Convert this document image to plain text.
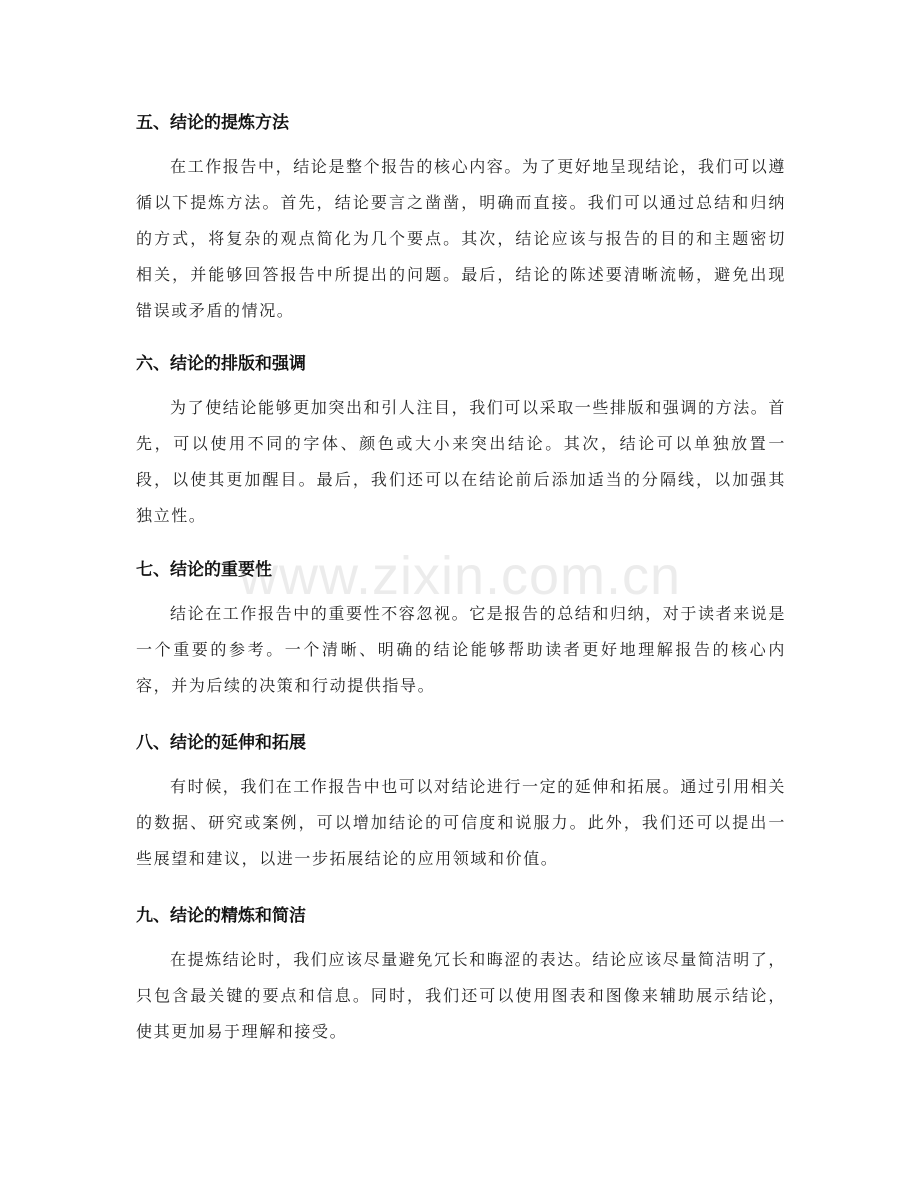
五、结论的提炼方法

在工作报告中，结论是整个报告的核心内容。为了更好地呈现结论，我们可以遵循以下提炼方法。首先，结论要言之凿凿，明确而直接。我们可以通过总结和归纳的方式，将复杂的观点简化为几个要点。其次，结论应该与报告的目的和主题密切相关，并能够回答报告中所提出的问题。最后，结论的陈述要清晰流畅，避免出现错误或矛盾的情况。

六、结论的排版和强调

为了使结论能够更加突出和引人注目，我们可以采取一些排版和强调的方法。首先，可以使用不同的字体、颜色或大小来突出结论。其次，结论可以单独放置一段，以使其更加醒目。最后，我们还可以在结论前后添加适当的分隔线，以加强其独立性。

七、结论的重要性

结论在工作报告中的重要性不容忽视。它是报告的总结和归纳，对于读者来说是一个重要的参考。一个清晰、明确的结论能够帮助读者更好地理解报告的核心内容，并为后续的决策和行动提供指导。

八、结论的延伸和拓展

有时候，我们在工作报告中也可以对结论进行一定的延伸和拓展。通过引用相关的数据、研究或案例，可以增加结论的可信度和说服力。此外，我们还可以提出一些展望和建议，以进一步拓展结论的应用领域和价值。

九、结论的精炼和简洁

在提炼结论时，我们应该尽量避免冗长和晦涩的表达。结论应该尽量简洁明了，只包含最关键的要点和信息。同时，我们还可以使用图表和图像来辅助展示结论，使其更加易于理解和接受。

www.zixin.com.cn
